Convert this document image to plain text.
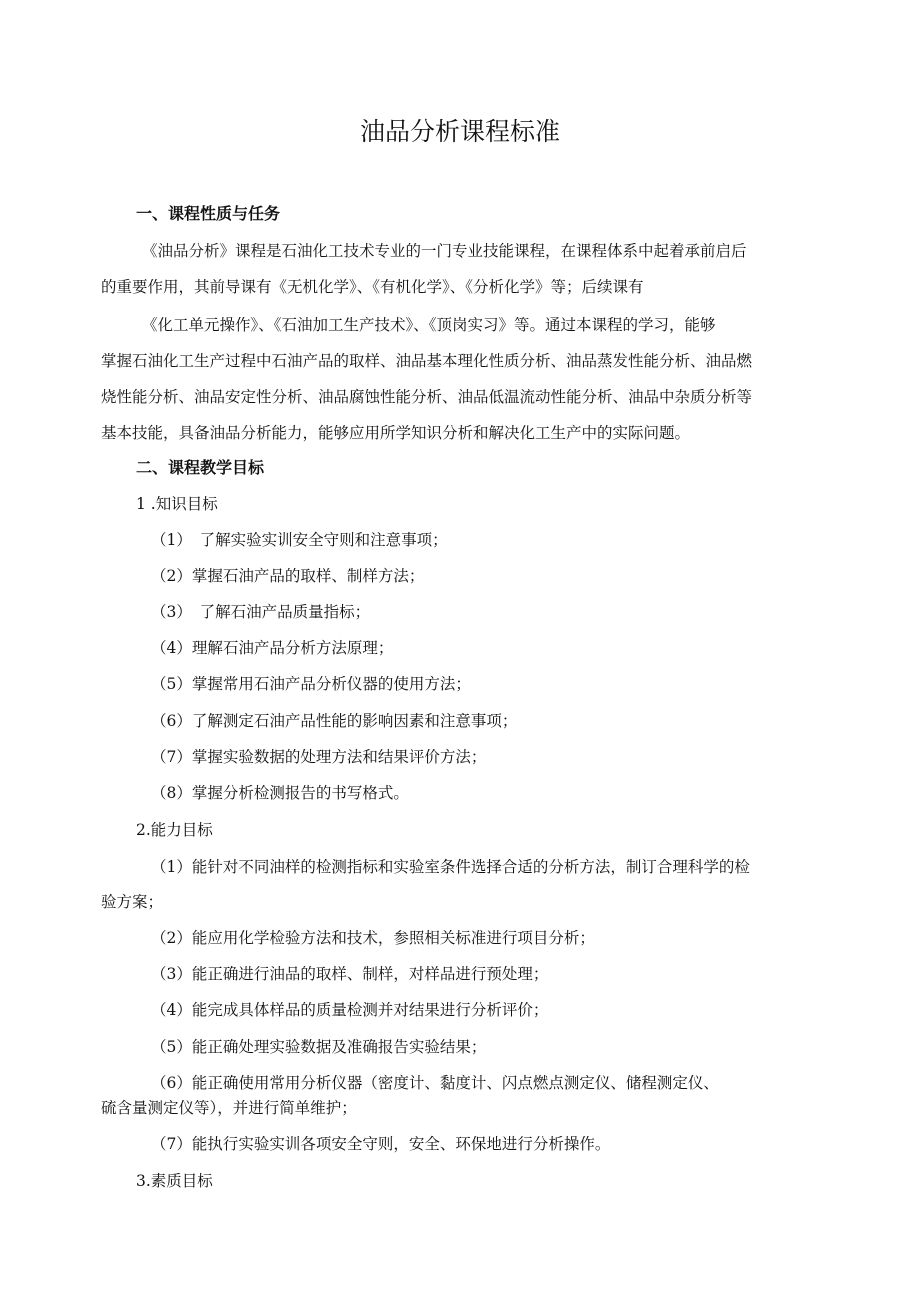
油品分析课程标准
一、课程性质与任务
《油品分析》课程是石油化工技术专业的一门专业技能课程，在课程体系中起着承前启后
的重要作用，其前导课有《无机化学》、《有机化学》、《分析化学》等；后续课有
《化工单元操作》、《石油加工生产技术》、《顶岗实习》等。通过本课程的学习，能够
掌握石油化工生产过程中石油产品的取样、油品基本理化性质分析、油品蒸发性能分析、油品燃
烧性能分析、油品安定性分析、油品腐蚀性能分析、油品低温流动性能分析、油品中杂质分析等
基本技能，具备油品分析能力，能够应用所学知识分析和解决化工生产中的实际问题。
二、课程教学目标
1 .知识目标
（1）　了解实验实训安全守则和注意事项；
（2）掌握石油产品的取样、制样方法；
（3）　了解石油产品质量指标；
（4）理解石油产品分析方法原理；
（5）掌握常用石油产品分析仪器的使用方法；
（6）了解测定石油产品性能的影响因素和注意事项；
（7）掌握实验数据的处理方法和结果评价方法；
（8）掌握分析检测报告的书写格式。
2.能力目标
（1）能针对不同油样的检测指标和实验室条件选择合适的分析方法，制订合理科学的检
验方案；
（2）能应用化学检验方法和技术，参照相关标准进行项目分析；
（3）能正确进行油品的取样、制样，对样品进行预处理；
（4）能完成具体样品的质量检测并对结果进行分析评价；
（5）能正确处理实验数据及准确报告实验结果；
（6）能正确使用常用分析仪器（密度计、黏度计、闪点燃点测定仪、储程测定仪、
硫含量测定仪等），并进行简单维护；
（7）能执行实验实训各项安全守则，安全、环保地进行分析操作。
3.素质目标
